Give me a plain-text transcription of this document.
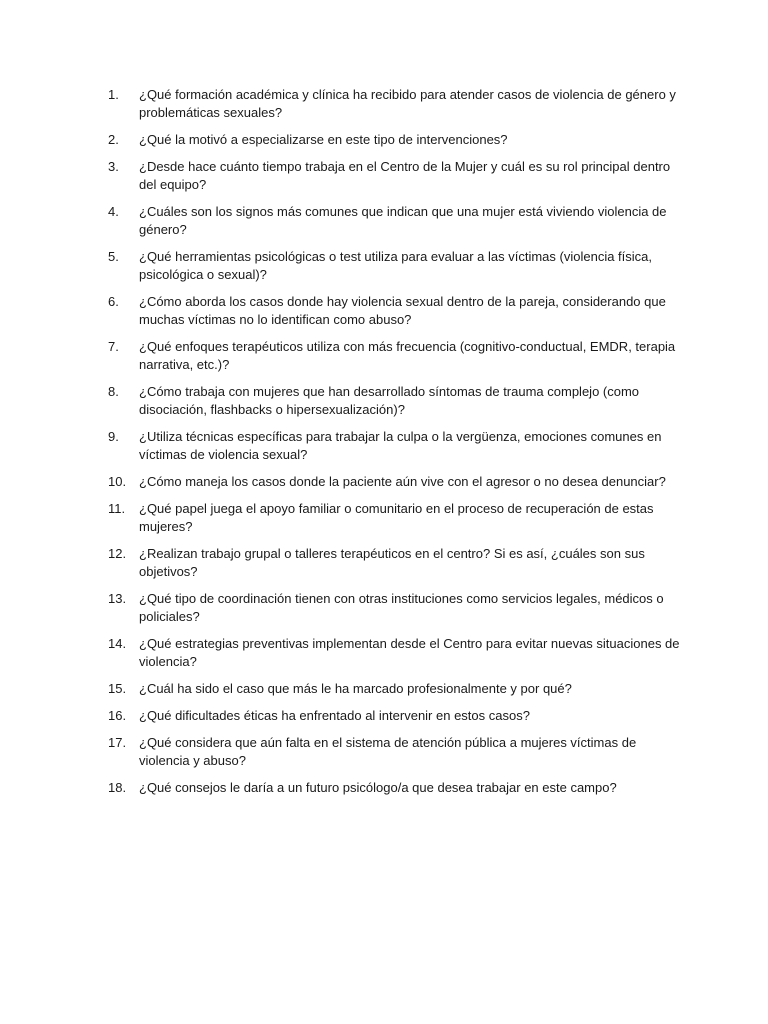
1.	¿Qué formación académica y clínica ha recibido para atender casos de violencia de género y problemáticas sexuales?
2.	¿Qué la motivó a especializarse en este tipo de intervenciones?
3.	¿Desde hace cuánto tiempo trabaja en el Centro de la Mujer y cuál es su rol principal dentro del equipo?
4.	¿Cuáles son los signos más comunes que indican que una mujer está viviendo violencia de género?
5.	¿Qué herramientas psicológicas o test utiliza para evaluar a las víctimas (violencia física, psicológica o sexual)?
6.	¿Cómo aborda los casos donde hay violencia sexual dentro de la pareja, considerando que muchas víctimas no lo identifican como abuso?
7.	¿Qué enfoques terapéuticos utiliza con más frecuencia (cognitivo-conductual, EMDR, terapia narrativa, etc.)?
8.	¿Cómo trabaja con mujeres que han desarrollado síntomas de trauma complejo (como disociación, flashbacks o hipersexualización)?
9.	¿Utiliza técnicas específicas para trabajar la culpa o la vergüenza, emociones comunes en víctimas de violencia sexual?
10. ¿Cómo maneja los casos donde la paciente aún vive con el agresor o no desea denunciar?
11.	¿Qué papel juega el apoyo familiar o comunitario en el proceso de recuperación de estas mujeres?
12. ¿Realizan trabajo grupal o talleres terapéuticos en el centro? Si es así, ¿cuáles son sus objetivos?
13. ¿Qué tipo de coordinación tienen con otras instituciones como servicios legales, médicos o policiales?
14. ¿Qué estrategias preventivas implementan desde el Centro para evitar nuevas situaciones de violencia?
15. ¿Cuál ha sido el caso que más le ha marcado profesionalmente y por qué?
16. ¿Qué dificultades éticas ha enfrentado al intervenir en estos casos?
17. ¿Qué considera que aún falta en el sistema de atención pública a mujeres víctimas de violencia y abuso?
18. ¿Qué consejos le daría a un futuro psicólogo/a que desea trabajar en este campo?
